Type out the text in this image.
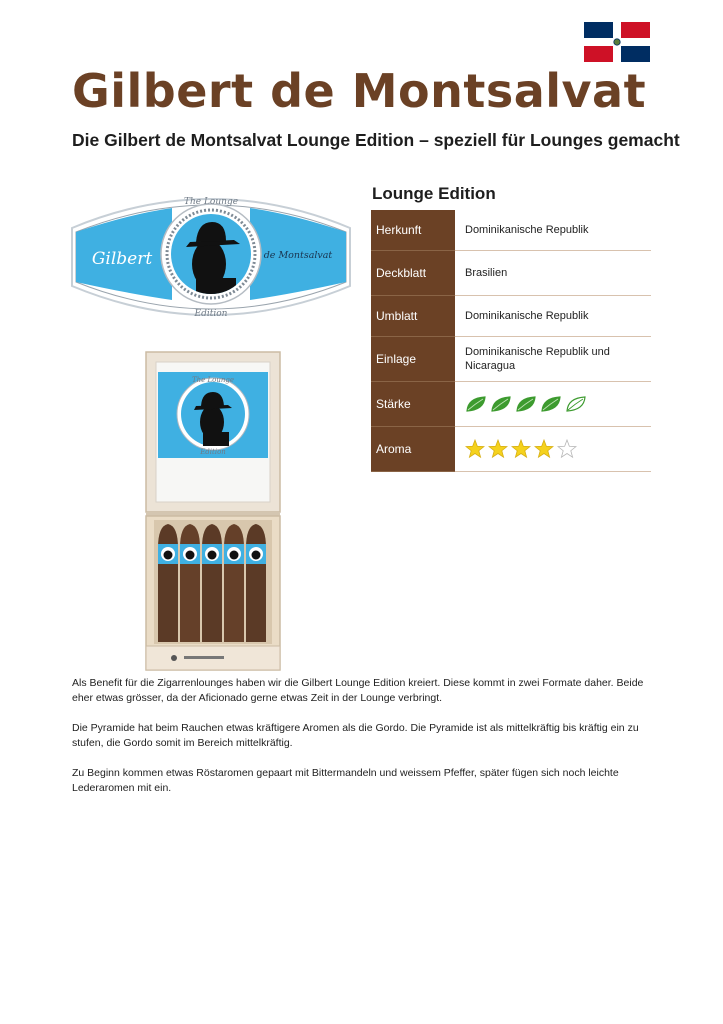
Gilbert de Montsalvat
Die Gilbert de Montsalvat Lounge Edition – speziell für Lounges gemacht
Gilbert	de Montsalvat
The Lounge
Edition
The Lounge
Edition
Lounge Edition
Herkunft	Dominikanische Republik
Deckblatt	Brasilien
Umblatt	Dominikanische Republik
Einlage	Dominikanische Republik und Nicaragua
Stärke	

Aroma	

Als Benefit für die Zigarrenlounges haben wir die Gilbert Lounge Edition kreiert. Diese kommt in zwei Formate daher. Beide eher etwas grösser, da der Aficionado gerne etwas Zeit in der Lounge verbringt.

Die Pyramide hat beim Rauchen etwas kräftigere Aromen als die Gordo. Die Pyramide ist als mittelkräftig bis kräftig ein zu stufen, die Gordo somit im Bereich mittelkräftig.

Zu Beginn kommen etwas Röstaromen gepaart mit Bittermandeln und weissem Pfeffer, später fügen sich noch leichte Lederaromen mit ein.
